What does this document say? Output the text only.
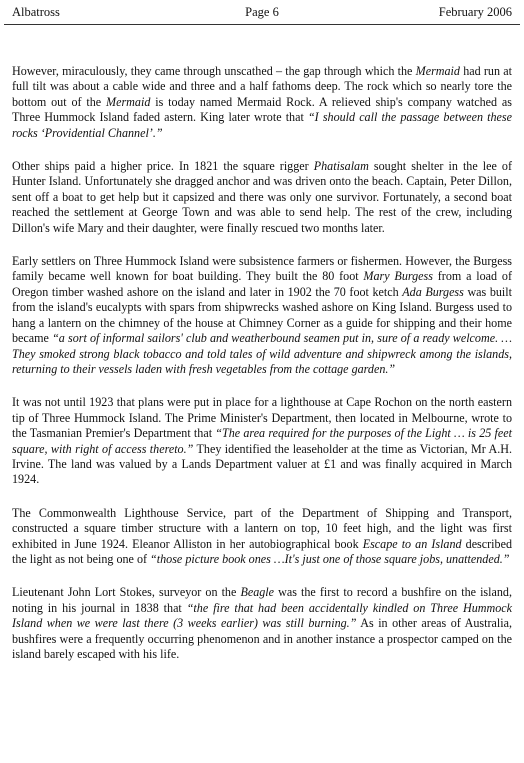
Albatross	Page 6	February 2006

However, miraculously, they came through unscathed – the gap through which the Mermaid had run at full tilt was about a cable wide and three and a half fathoms deep. The rock which so nearly tore the bottom out of the Mermaid is today named Mermaid Rock. A relieved ship's company watched as Three Hummock Island faded astern. King later wrote that “I should call the passage between these rocks ‘Providential Channel’.”

Other ships paid a higher price. In 1821 the square rigger Phatisalam sought shelter in the lee of Hunter Island. Unfortunately she dragged anchor and was driven onto the beach. Captain, Peter Dillon, sent off a boat to get help but it capsized and there was only one survivor. Fortunately, a second boat reached the settlement at George Town and was able to send help. The rest of the crew, including Dillon's wife Mary and their daughter, were finally rescued two months later.

Early settlers on Three Hummock Island were subsistence farmers or fishermen. However, the Burgess family became well known for boat building. They built the 80 foot Mary Burgess from a load of Oregon timber washed ashore on the island and later in 1902 the 70 foot ketch Ada Burgess was built from the island's eucalypts with spars from shipwrecks washed ashore on King Island. Burgess used to hang a lantern on the chimney of the house at Chimney Corner as a guide for shipping and their home became “a sort of informal sailors' club and weatherbound seamen put in, sure of a ready welcome. … They smoked strong black tobacco and told tales of wild adventure and shipwreck among the islands, returning to their vessels laden with fresh vegetables from the cottage garden.”

It was not until 1923 that plans were put in place for a lighthouse at Cape Rochon on the north eastern tip of Three Hummock Island. The Prime Minister's Department, then located in Melbourne, wrote to the Tasmanian Premier's Department that “The area required for the purposes of the Light … is 25 feet square, with right of access thereto.” They identified the leaseholder at the time as Victorian, Mr A.H. Irvine. The land was valued by a Lands Department valuer at £1 and was finally acquired in March 1924.

The Commonwealth Lighthouse Service, part of the Department of Shipping and Transport, constructed a square timber structure with a lantern on top, 10 feet high, and the light was first exhibited in June 1924. Eleanor Alliston in her autobiographical book Escape to an Island described the light as not being one of “those picture book ones …It's just one of those square jobs, unattended.”

Lieutenant John Lort Stokes, surveyor on the Beagle was the first to record a bushfire on the island, noting in his journal in 1838 that “the fire that had been accidentally kindled on Three Hummock Island when we were last there (3 weeks earlier) was still burning.” As in other areas of Australia, bushfires were a frequently occurring phenomenon and in another instance a prospector camped on the island barely escaped with his life.
